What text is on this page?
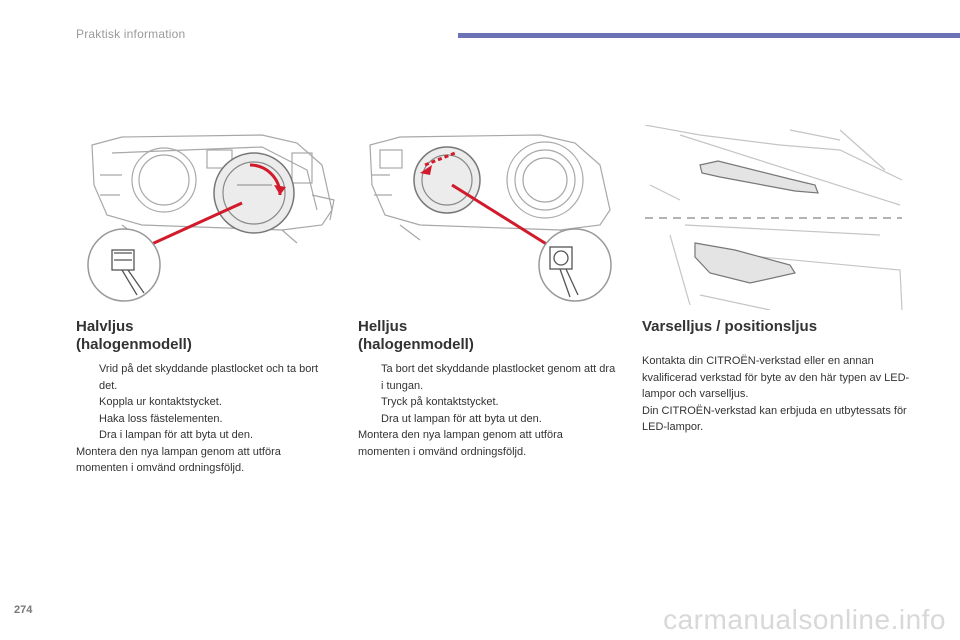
Praktisk information
Halvljus
(halogenmodell)
Vrid på det skyddande plastlocket och ta bort det.
Koppla ur kontaktstycket.
Haka loss fästelementen.
Dra i lampan för att byta ut den.

Montera den nya lampan genom att utföra momenten i omvänd ordningsföljd.

Helljus
(halogenmodell)
Ta bort det skyddande plastlocket genom att dra i tungan.
Tryck på kontaktstycket.
Dra ut lampan för att byta ut den.

Montera den nya lampan genom att utföra momenten i omvänd ordningsföljd.

Varselljus / positionsljus

Kontakta din CITROËN-verkstad eller en annan kvalificerad verkstad för byte av den här typen av LED-lampor och varselljus.

Din CITROËN-verkstad kan erbjuda en utbytessats för LED-lampor.

274	carmanualsonline.info
